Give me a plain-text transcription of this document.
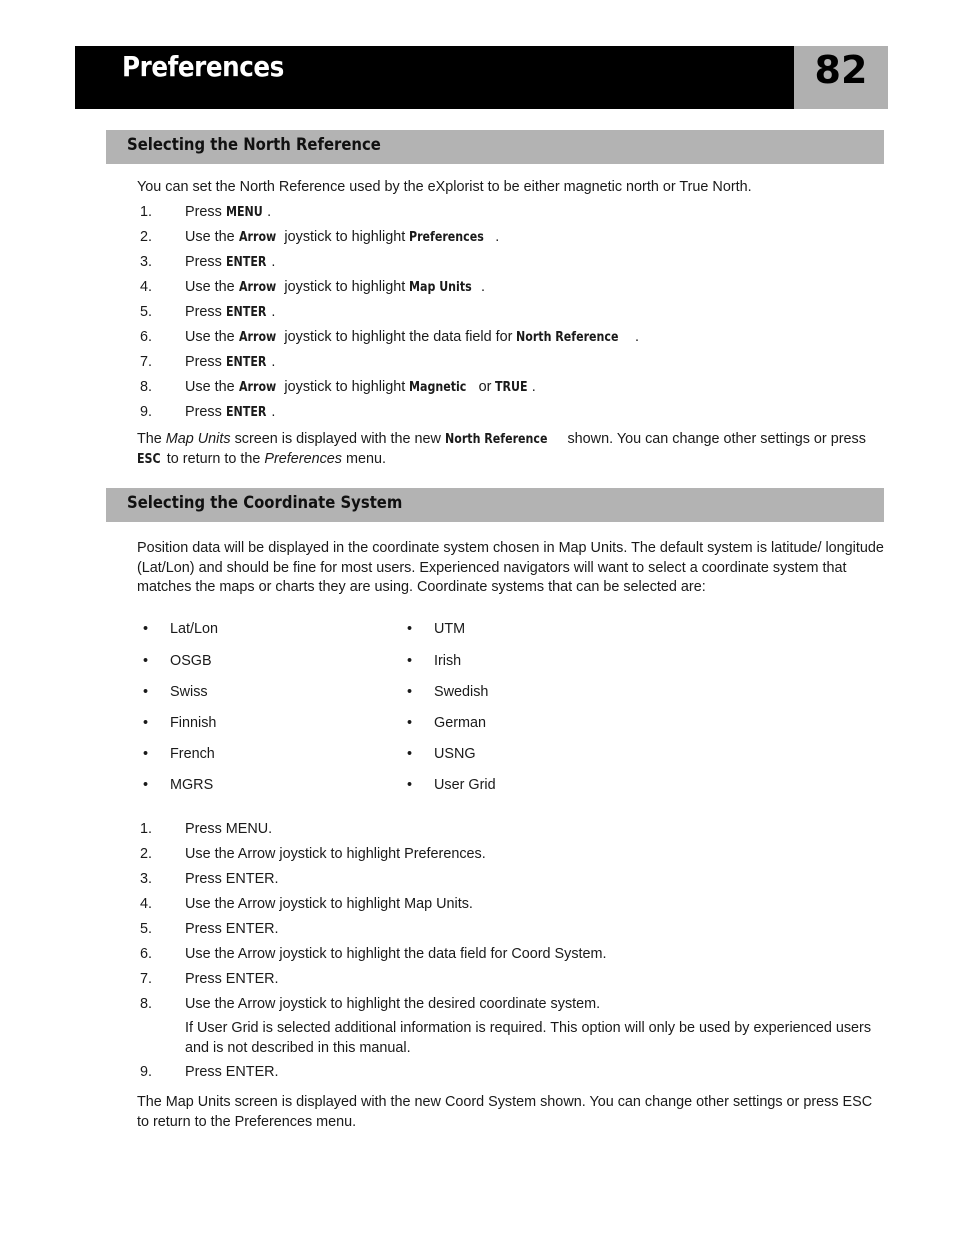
Preferences	82
Selecting the North Reference
You can set the North Reference used by the eXplorist to be either magnetic north or True North.
1. Press MENU .
2. Use the Arrow joystick to highlight Preferences .
3. Press ENTER .
4. Use the Arrow joystick to highlight Map Units .
5. Press ENTER .
6. Use the Arrow joystick to highlight the data field for North Reference .
7. Press ENTER .
8. Use the Arrow joystick to highlight Magnetic or TRUE .
9. Press ENTER .
The Map Units screen is displayed with the new North Reference shown. You can change other settings or press ESC to return to the Preferences menu.
Selecting the Coordinate System
Position data will be displayed in the coordinate system chosen in Map Units. The default system is latitude/ longitude (Lat/Lon) and should be fine for most users. Experienced navigators will want to select a coordinate system that matches the maps or charts they are using. Coordinate systems that can be selected are:
• Lat/Lon
• OSGB
• Swiss
• Finnish
• French
• MGRS
• UTM
• Irish
• Swedish
• German
• USNG
• User Grid
1. Press MENU.
2. Use the Arrow joystick to highlight Preferences.
3. Press ENTER.
4. Use the Arrow joystick to highlight Map Units.
5. Press ENTER.
6. Use the Arrow joystick to highlight the data field for Coord System.
7. Press ENTER.
8. Use the Arrow joystick to highlight the desired coordinate system.
If User Grid is selected additional information is required. This option will only be used by experienced users and is not described in this manual.
9. Press ENTER.
The Map Units screen is displayed with the new Coord System shown. You can change other settings or press ESC to return to the Preferences menu.
